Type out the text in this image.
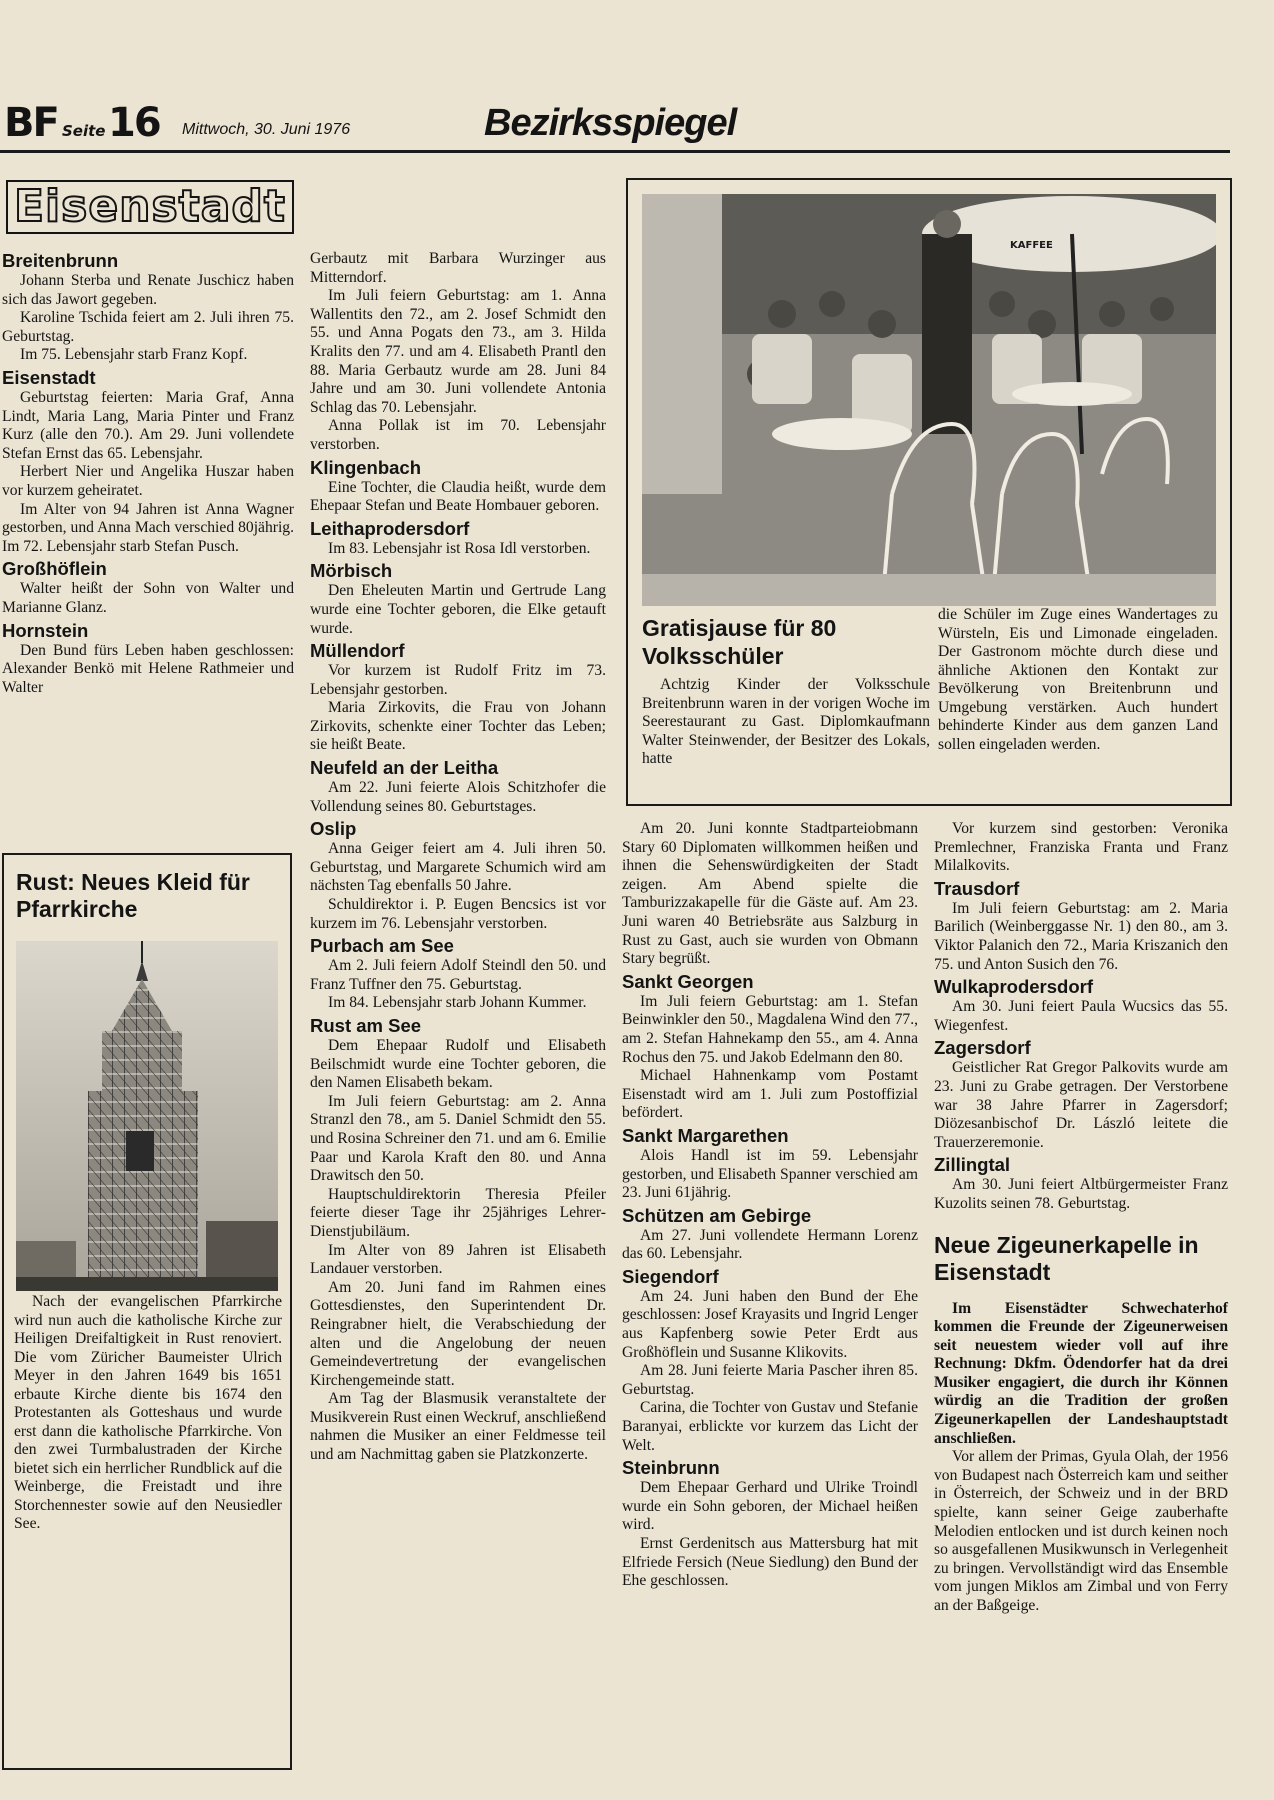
BF Seite 16 Mittwoch, 30. Juni 1976	Bezirksspiegel
Eisenstadt
Breitenbrunn

Johann Sterba und Renate Juschicz haben sich das Jawort gegeben.

Karoline Tschida feiert am 2. Juli ihren 75. Geburtstag.

Im 75. Lebensjahr starb Franz Kopf.

Eisenstadt

Geburtstag feierten: Maria Graf, Anna Lindt, Maria Lang, Maria Pinter und Franz Kurz (alle den 70.). Am 29. Juni vollendete Stefan Ernst das 65. Lebensjahr.

Herbert Nier und Angelika Huszar haben vor kurzem geheiratet.

Im Alter von 94 Jahren ist Anna Wagner gestorben, und Anna Mach verschied 80jährig. Im 72. Lebensjahr starb Stefan Pusch.

Großhöflein

Walter heißt der Sohn von Walter und Marianne Glanz.

Hornstein

Den Bund fürs Leben haben geschlossen: Alexander Benkö mit Helene Rathmeier und Walter

Rust: Neues Kleid für Pfarrkirche

Nach der evangelischen Pfarrkirche wird nun auch die katholische Kirche zur Heiligen Dreifaltigkeit in Rust renoviert. Die vom Züricher Baumeister Ulrich Meyer in den Jahren 1649 bis 1651 erbaute Kirche diente bis 1674 den Protestanten als Gotteshaus und wurde erst dann die katholische Pfarrkirche. Von den zwei Turmbalustraden der Kirche bietet sich ein herrlicher Rundblick auf die Weinberge, die Freistadt und ihre Storchennester sowie auf den Neusiedler See.

Gerbautz mit Barbara Wurzinger aus Mitterndorf.

Im Juli feiern Geburtstag: am 1. Anna Wallentits den 72., am 2. Josef Schmidt den 55. und Anna Pogats den 73., am 3. Hilda Kralits den 77. und am 4. Elisabeth Prantl den 88. Maria Gerbautz wurde am 28. Juni 84 Jahre und am 30. Juni vollendete Antonia Schlag das 70. Lebensjahr.

Anna Pollak ist im 70. Lebensjahr verstorben.

Klingenbach

Eine Tochter, die Claudia heißt, wurde dem Ehepaar Stefan und Beate Hombauer geboren.

Leithaprodersdorf

Im 83. Lebensjahr ist Rosa Idl verstorben.

Mörbisch

Den Eheleuten Martin und Gertrude Lang wurde eine Tochter geboren, die Elke getauft wurde.

Müllendorf

Vor kurzem ist Rudolf Fritz im 73. Lebensjahr gestorben.

Maria Zirkovits, die Frau von Johann Zirkovits, schenkte einer Tochter das Leben; sie heißt Beate.

Neufeld an der Leitha

Am 22. Juni feierte Alois Schitzhofer die Vollendung seines 80. Geburtstages.

Oslip

Anna Geiger feiert am 4. Juli ihren 50. Geburtstag, und Margarete Schumich wird am nächsten Tag ebenfalls 50 Jahre.

Schuldirektor i. P. Eugen Bencsics ist vor kurzem im 76. Lebensjahr verstorben.

Purbach am See

Am 2. Juli feiern Adolf Steindl den 50. und Franz Tuffner den 75. Geburtstag.

Im 84. Lebensjahr starb Johann Kummer.

Rust am See

Dem Ehepaar Rudolf und Elisabeth Beilschmidt wurde eine Tochter geboren, die den Namen Elisabeth bekam.

Im Juli feiern Geburtstag: am 2. Anna Stranzl den 78., am 5. Daniel Schmidt den 55. und Rosina Schreiner den 71. und am 6. Emilie Paar und Karola Kraft den 80. und Anna Drawitsch den 50.

Hauptschuldirektorin Theresia Pfeiler feierte dieser Tage ihr 25jähriges Lehrer-Dienstjubiläum.

Im Alter von 89 Jahren ist Elisabeth Landauer verstorben.

Am 20. Juni fand im Rahmen eines Gottesdienstes, den Superintendent Dr. Reingrabner hielt, die Verabschiedung der alten und die Angelobung der neuen Gemeindevertretung der evangelischen Kirchengemeinde statt.

Am Tag der Blasmusik veranstaltete der Musikverein Rust einen Weckruf, anschließend nahmen die Musiker an einer Feldmesse teil und am Nachmittag gaben sie Platzkonzerte.

KAFFEE
Gratisjause für 80 Volksschüler

Achtzig Kinder der Volksschule Breitenbrunn waren in der vorigen Woche im Seerestaurant zu Gast. Diplomkaufmann Walter Steinwender, der Besitzer des Lokals, hatte

die Schüler im Zuge eines Wandertages zu Würsteln, Eis und Limonade eingeladen. Der Gastronom möchte durch diese und ähnliche Aktionen den Kontakt zur Bevölkerung von Breitenbrunn und Umgebung verstärken. Auch hundert behinderte Kinder aus dem ganzen Land sollen eingeladen werden.

Am 20. Juni konnte Stadtparteiobmann Stary 60 Diplomaten willkommen heißen und ihnen die Sehenswürdigkeiten der Stadt zeigen. Am Abend spielte die Tamburizzakapelle für die Gäste auf. Am 23. Juni waren 40 Betriebsräte aus Salzburg in Rust zu Gast, auch sie wurden von Obmann Stary begrüßt.

Sankt Georgen

Im Juli feiern Geburtstag: am 1. Stefan Beinwinkler den 50., Magdalena Wind den 77., am 2. Stefan Hahnekamp den 55., am 4. Anna Rochus den 75. und Jakob Edelmann den 80.

Michael Hahnenkamp vom Postamt Eisenstadt wird am 1. Juli zum Postoffizial befördert.

Sankt Margarethen

Alois Handl ist im 59. Lebensjahr gestorben, und Elisabeth Spanner verschied am 23. Juni 61jährig.

Schützen am Gebirge

Am 27. Juni vollendete Hermann Lorenz das 60. Lebensjahr.

Siegendorf

Am 24. Juni haben den Bund der Ehe geschlossen: Josef Krayasits und Ingrid Lenger aus Kapfenberg sowie Peter Erdt aus Großhöflein und Susanne Klikovits.

Am 28. Juni feierte Maria Pascher ihren 85. Geburtstag.

Carina, die Tochter von Gustav und Stefanie Baranyai, erblickte vor kurzem das Licht der Welt.

Steinbrunn

Dem Ehepaar Gerhard und Ulrike Troindl wurde ein Sohn geboren, der Michael heißen wird.

Ernst Gerdenitsch aus Mattersburg hat mit Elfriede Fersich (Neue Siedlung) den Bund der Ehe geschlossen.

Vor kurzem sind gestorben: Veronika Premlechner, Franziska Franta und Franz Milalkovits.

Trausdorf

Im Juli feiern Geburtstag: am 2. Maria Barilich (Weinberggasse Nr. 1) den 80., am 3. Viktor Palanich den 72., Maria Kriszanich den 75. und Anton Susich den 76.

Wulkaprodersdorf

Am 30. Juni feiert Paula Wucsics das 55. Wiegenfest.

Zagersdorf

Geistlicher Rat Gregor Palkovits wurde am 23. Juni zu Grabe getragen. Der Verstorbene war 38 Jahre Pfarrer in Zagersdorf; Diözesanbischof Dr. László leitete die Trauerzeremonie.

Zillingtal

Am 30. Juni feiert Altbürgermeister Franz Kuzolits seinen 78. Geburtstag.

Neue Zigeunerkapelle in Eisenstadt

Im Eisenstädter Schwechaterhof kommen die Freunde der Zigeunerweisen seit neuestem wieder voll auf ihre Rechnung: Dkfm. Ödendorfer hat da drei Musiker engagiert, die durch ihr Können würdig an die Tradition der großen Zigeunerkapellen der Landeshauptstadt anschließen.

Vor allem der Primas, Gyula Olah, der 1956 von Budapest nach Österreich kam und seither in Österreich, der Schweiz und in der BRD spielte, kann seiner Geige zauberhafte Melodien entlocken und ist durch keinen noch so ausgefallenen Musikwunsch in Verlegenheit zu bringen. Vervollständigt wird das Ensemble vom jungen Miklos am Zimbal und von Ferry an der Baßgeige.
